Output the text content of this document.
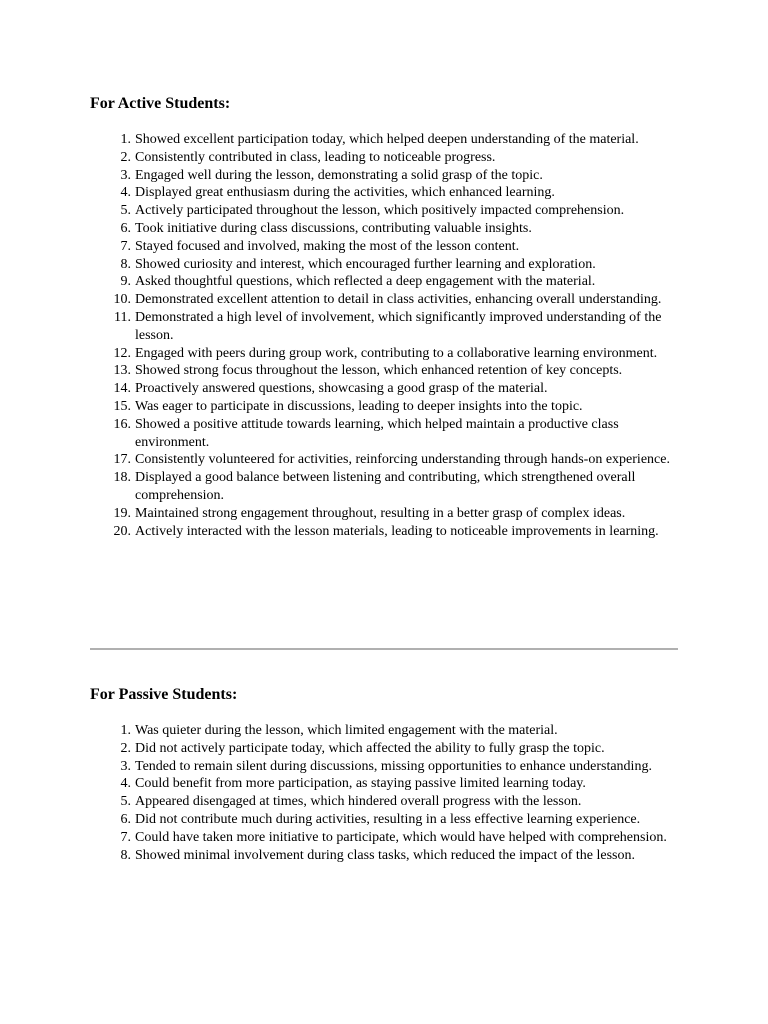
For Active Students:
1. Showed excellent participation today, which helped deepen understanding of the material.
2. Consistently contributed in class, leading to noticeable progress.
3. Engaged well during the lesson, demonstrating a solid grasp of the topic.
4. Displayed great enthusiasm during the activities, which enhanced learning.
5. Actively participated throughout the lesson, which positively impacted comprehension.
6. Took initiative during class discussions, contributing valuable insights.
7. Stayed focused and involved, making the most of the lesson content.
8. Showed curiosity and interest, which encouraged further learning and exploration.
9. Asked thoughtful questions, which reflected a deep engagement with the material.
10. Demonstrated excellent attention to detail in class activities, enhancing overall understanding.
11. Demonstrated a high level of involvement, which significantly improved understanding of the lesson.
12. Engaged with peers during group work, contributing to a collaborative learning environment.
13. Showed strong focus throughout the lesson, which enhanced retention of key concepts.
14. Proactively answered questions, showcasing a good grasp of the material.
15. Was eager to participate in discussions, leading to deeper insights into the topic.
16. Showed a positive attitude towards learning, which helped maintain a productive class environment.
17. Consistently volunteered for activities, reinforcing understanding through hands-on experience.
18. Displayed a good balance between listening and contributing, which strengthened overall comprehension.
19. Maintained strong engagement throughout, resulting in a better grasp of complex ideas.
20. Actively interacted with the lesson materials, leading to noticeable improvements in learning.
For Passive Students:
1. Was quieter during the lesson, which limited engagement with the material.
2. Did not actively participate today, which affected the ability to fully grasp the topic.
3. Tended to remain silent during discussions, missing opportunities to enhance understanding.
4. Could benefit from more participation, as staying passive limited learning today.
5. Appeared disengaged at times, which hindered overall progress with the lesson.
6. Did not contribute much during activities, resulting in a less effective learning experience.
7. Could have taken more initiative to participate, which would have helped with comprehension.
8. Showed minimal involvement during class tasks, which reduced the impact of the lesson.
